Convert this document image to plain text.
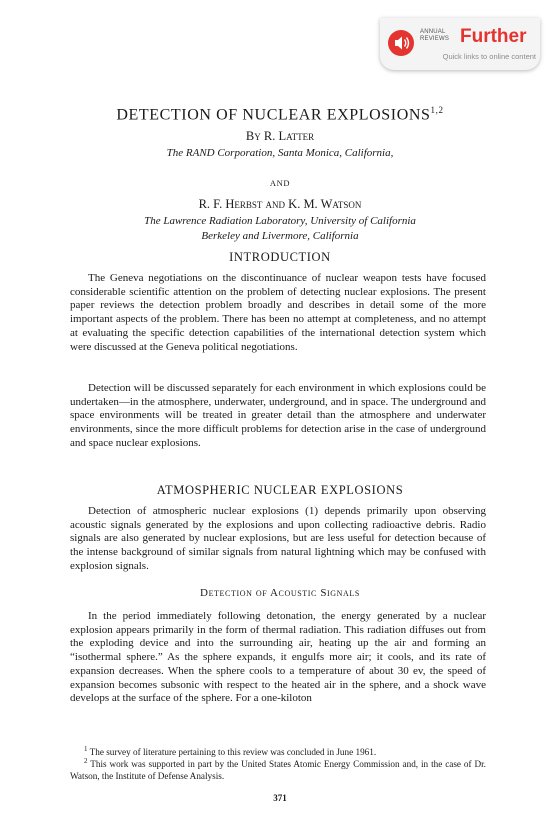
ANNUAL
REVIEWS Further
Quick links to online content
DETECTION OF NUCLEAR EXPLOSIONS$^{1,2}$
By R. Latter
The RAND Corporation, Santa Monica, California,
AND
R. F. Herbst and K. M. Watson
The Lawrence Radiation Laboratory, University of California
Berkeley and Livermore, California
INTRODUCTION

The Geneva negotiations on the discontinuance of nuclear weapon tests have focused considerable scientific attention on the problem of detecting nuclear explosions. The present paper reviews the detection problem broadly and describes in detail some of the more important aspects of the problem. There has been no attempt at completeness, and no attempt at evaluating the specific detection capabilities of the international detection system which were discussed at the Geneva political negotiations.

Detection will be discussed separately for each environment in which explosions could be undertaken—in the atmosphere, underwater, underground, and in space. The underground and space environments will be treated in greater detail than the atmosphere and underwater environments, since the more difficult problems for detection arise in the case of underground and space nuclear explosions.

ATMOSPHERIC NUCLEAR EXPLOSIONS

Detection of atmospheric nuclear explosions (1) depends primarily upon observing acoustic signals generated by the explosions and upon collecting radioactive debris. Radio signals are also generated by nuclear explosions, but are less useful for detection because of the intense background of similar signals from natural lightning which may be confused with explosion signals.

Detection of Acoustic Signals

In the period immediately following detonation, the energy generated by a nuclear explosion appears primarily in the form of thermal radiation. This radiation diffuses out from the exploding device and into the surrounding air, heating up the air and forming an “isothermal sphere.” As the sphere expands, it engulfs more air; it cools, and its rate of expansion decreases. When the sphere cools to a temperature of about 30 ev, the speed of expansion becomes subsonic with respect to the heated air in the sphere, and a shock wave develops at the surface of the sphere. For a one-kiloton

$^1$ The survey of literature pertaining to this review was concluded in June 1961.

$^2$ This work was supported in part by the United States Atomic Energy Commission and, in the case of Dr. Watson, the Institute of Defense Analysis.

371
